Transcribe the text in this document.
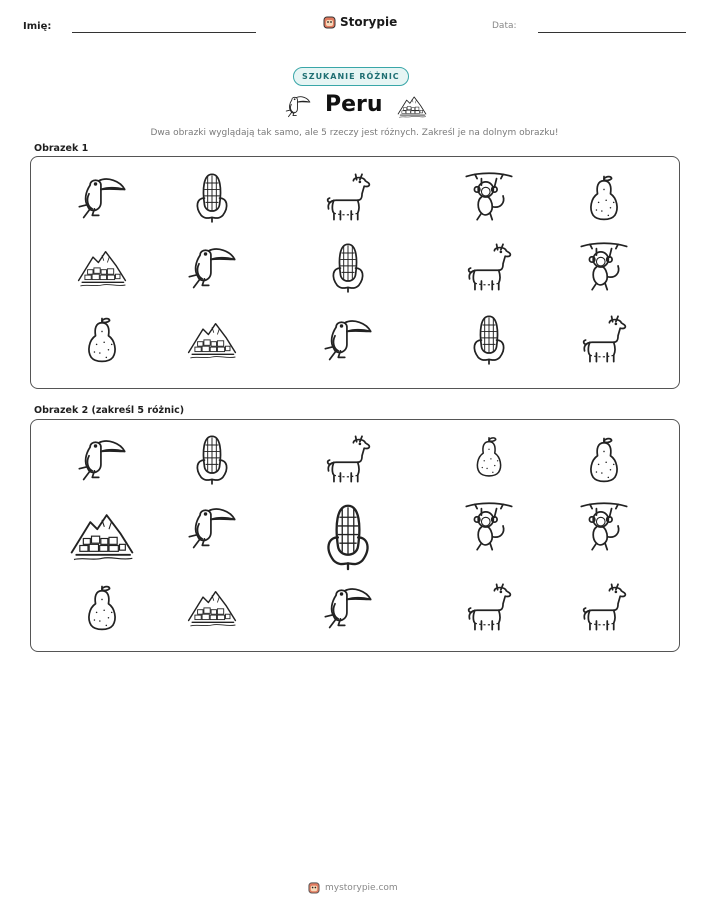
Imię:	Storypie	Data:
SZUKANIE RÓŻNIC
Peru
Dwa obrazki wyglądają tak samo, ale 5 rzeczy jest różnych. Zakreśl je na dolnym obrazku!
Obrazek 1
Obrazek 2 (zakreśl 5 różnic)
mystorypie.com
